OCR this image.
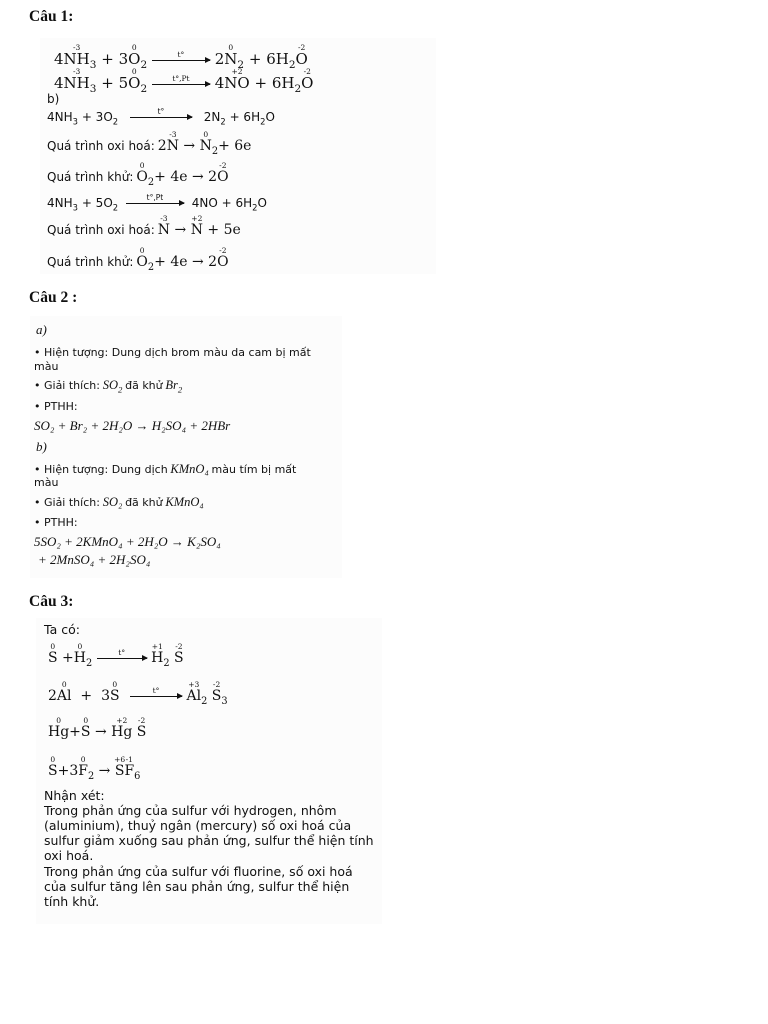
Câu 1:
4
-3
$NH_3 + 3$
0
$O_2$
t° 2
0
$N_2 + 6H_2$
-2
O
4
-3
$NH_3 + 5$
0
$O_2$
t°,Pt 4
+2
NO + $6H_2$
-2
O
b)
$4NH_3 + 3O_2$
t°	$2N_2 + 6H_2O$
Quá trình oxi hoá: 2
-3
N →
0
$N_2+ 6e$
Quá trình khử:
0
$O_2+ 4e \to 2$
-2
O
$4NH_3 + 5O_2$
t°,Pt $4NO + 6H_2O$
Quá trình oxi hoá:
-3
N →
+2
N + 5e
Quá trình khử:
0
$O_2+ 4e \to 2$
-2
O
Câu 2 :
a)
• Hiện tượng: Dung dịch brom màu da cam bị mất
màu
• Giải thích: $SO_2$ đã khử $Br_2$
• PTHH:
SO₂ + Br₂ + 2H₂O → H₂SO₄ + 2HBr
b)
• Hiện tượng: Dung dịch KMnO₄ màu tím bị mất
màu
• Giải thích: SO₂ đã khử KMnO₄
• PTHH:
5SO₂ + 2KMnO₄ + 2H₂O → K₂SO₄
+ 2MnSO₄ + 2H₂SO₄
Câu 3:
Ta có:
0
S +
0
$H_2$
t°

+1
$H_2$
-2
S
2
0
Al + 3
0
S	t°

+3
$Al_2$
-2
$S_3$
0
Hg+
0
S →
+2
Hg
-2
S
0
S+3
0
$F_2$ →
+6
S
-1
$F_6$
Nhận xét:
Trong phản ứng của sulfur với hydrogen, nhôm (aluminium), thuỷ ngân (mercury) số oxi hoá của sulfur giảm xuống sau phản ứng, sulfur thể hiện tính oxi hoá.
Trong phản ứng của sulfur với fluorine, số oxi hoá của sulfur tăng lên sau phản ứng, sulfur thể hiện tính khử.
